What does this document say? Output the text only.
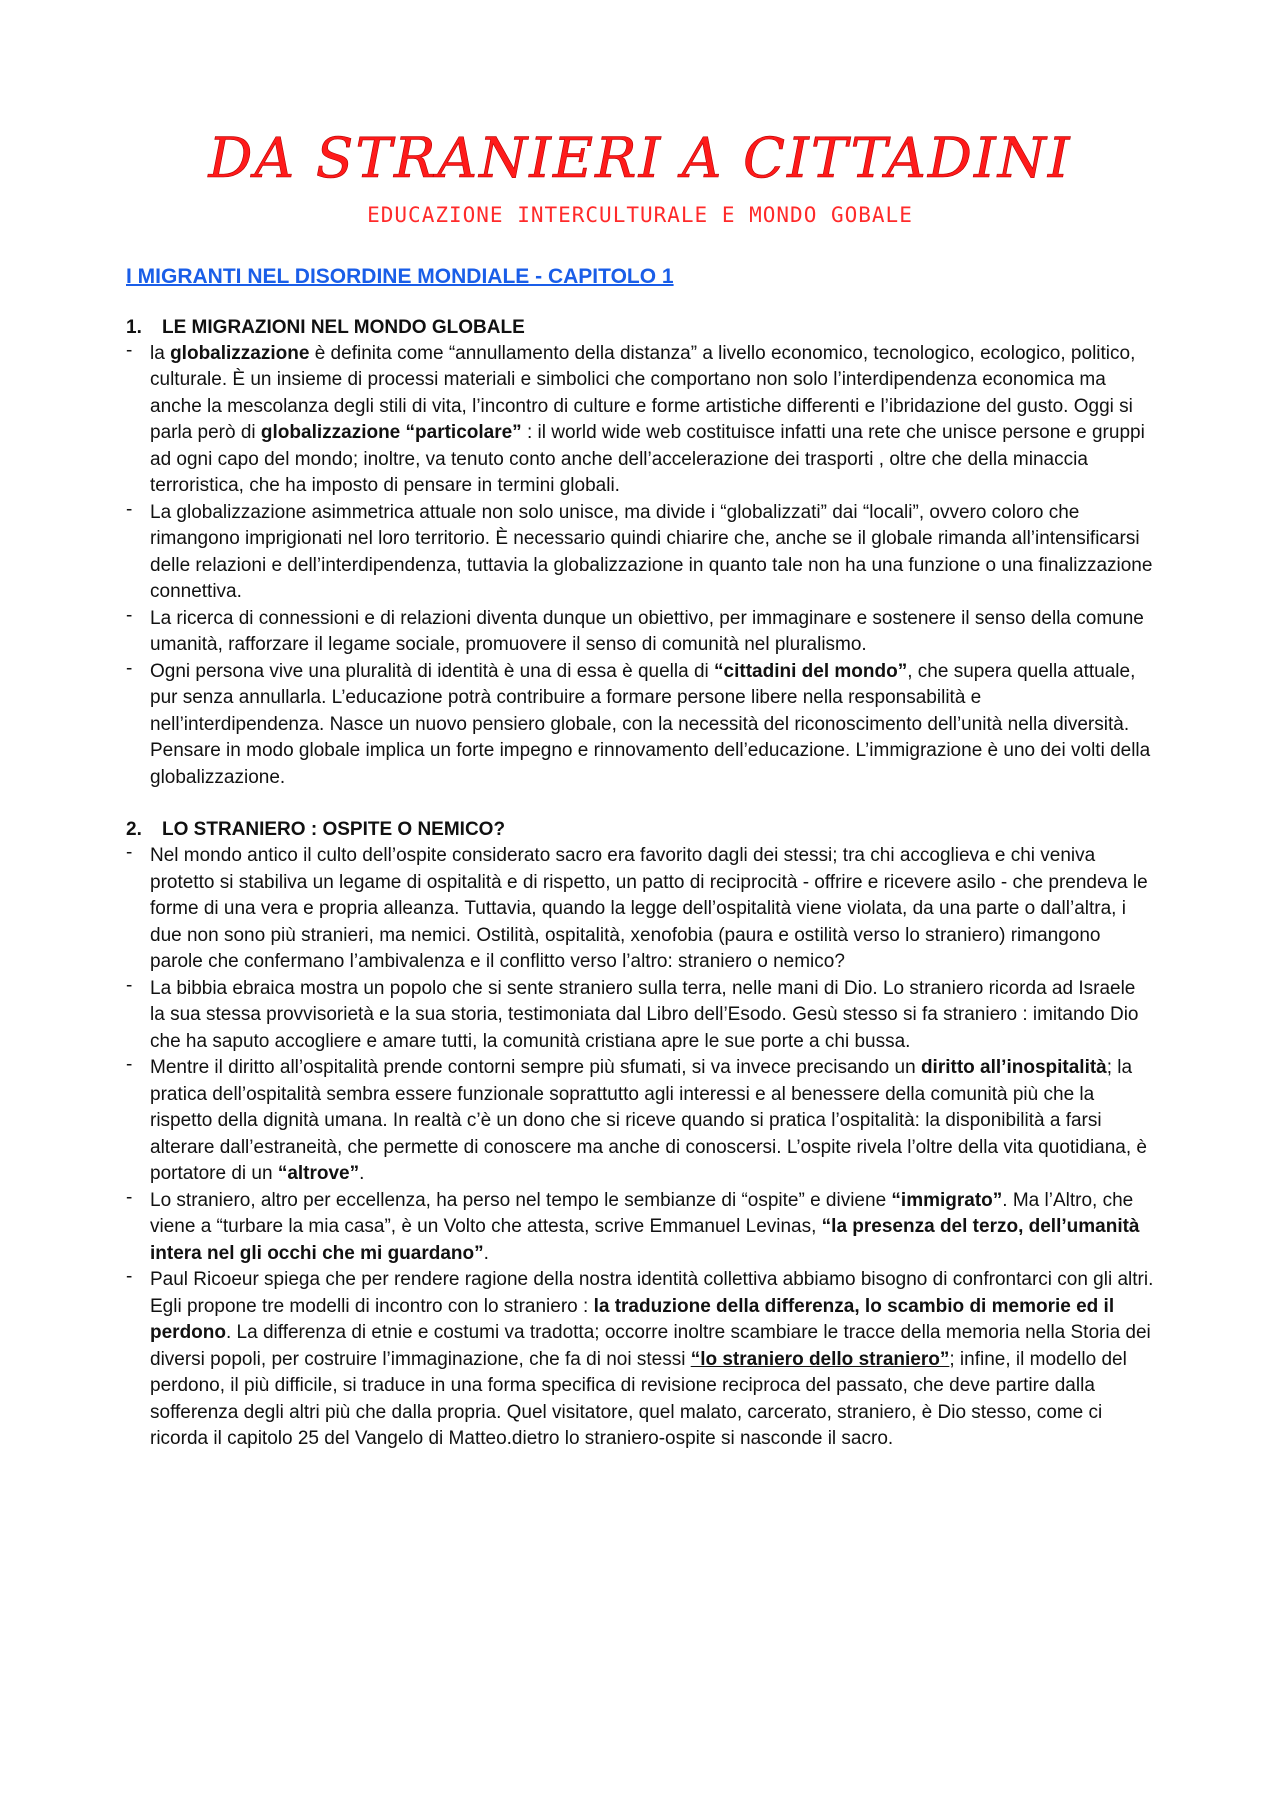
DA STRANIERI A CITTADINI
EDUCAZIONE INTERCULTURALE E MONDO GOBALE
I MIGRANTI NEL DISORDINE MONDIALE - CAPITOLO 1
1. LE MIGRAZIONI NEL MONDO GLOBALE
- la globalizzazione è definita come “annullamento della distanza” a livello economico, tecnologico, ecologico, politico, culturale. È un insieme di processi materiali e simbolici che comportano non solo l’interdipendenza economica ma anche la mescolanza degli stili di vita, l’incontro di culture e forme artistiche differenti e l’ibridazione del gusto. Oggi si parla però di globalizzazione “particolare” : il world wide web costituisce infatti una rete che unisce persone e gruppi ad ogni capo del mondo; inoltre, va tenuto conto anche dell’accelerazione dei trasporti , oltre che della minaccia terroristica, che ha imposto di pensare in termini globali.
- La globalizzazione asimmetrica attuale non solo unisce, ma divide i “globalizzati” dai “locali”, ovvero coloro che rimangono imprigionati nel loro territorio. È necessario quindi chiarire che, anche se il globale rimanda all’intensificarsi delle relazioni e dell’interdipendenza, tuttavia la globalizzazione in quanto tale non ha una funzione o una finalizzazione connettiva.
- La ricerca di connessioni e di relazioni diventa dunque un obiettivo, per immaginare e sostenere il senso della comune umanità, rafforzare il legame sociale, promuovere il senso di comunità nel pluralismo.
- Ogni persona vive una pluralità di identità è una di essa è quella di “cittadini del mondo”, che supera quella attuale, pur senza annullarla. L’educazione potrà contribuire a formare persone libere nella responsabilità e nell’interdipendenza. Nasce un nuovo pensiero globale, con la necessità del riconoscimento dell’unità nella diversità. Pensare in modo globale implica un forte impegno e rinnovamento dell’educazione. L’immigrazione è uno dei volti della globalizzazione.
2. LO STRANIERO : OSPITE O NEMICO?
- Nel mondo antico il culto dell’ospite considerato sacro era favorito dagli dei stessi; tra chi accoglieva e chi veniva protetto si stabiliva un legame di ospitalità e di rispetto, un patto di reciprocità - offrire e ricevere asilo - che prendeva le forme di una vera e propria alleanza. Tuttavia, quando la legge dell’ospitalità viene violata, da una parte o dall’altra, i due non sono più stranieri, ma nemici. Ostilità, ospitalità, xenofobia (paura e ostilità verso lo straniero) rimangono parole che confermano l’ambivalenza e il conflitto verso l’altro: straniero o nemico?
- La bibbia ebraica mostra un popolo che si sente straniero sulla terra, nelle mani di Dio. Lo straniero ricorda ad Israele la sua stessa provvisorietà e la sua storia, testimoniata dal Libro dell’Esodo. Gesù stesso si fa straniero : imitando Dio che ha saputo accogliere e amare tutti, la comunità cristiana apre le sue porte a chi bussa.
- Mentre il diritto all’ospitalità prende contorni sempre più sfumati, si va invece precisando un diritto all’inospitalità; la pratica dell’ospitalità sembra essere funzionale soprattutto agli interessi e al benessere della comunità più che la rispetto della dignità umana. In realtà c’è un dono che si riceve quando si pratica l’ospitalità: la disponibilità a farsi alterare dall’estraneità, che permette di conoscere ma anche di conoscersi. L’ospite rivela l’oltre della vita quotidiana, è portatore di un “altrove”.
- Lo straniero, altro per eccellenza, ha perso nel tempo le sembianze di “ospite” e diviene “immigrato”. Ma l’Altro, che viene a “turbare la mia casa”, è un Volto che attesta, scrive Emmanuel Levinas, “la presenza del terzo, dell’umanità intera nel gli occhi che mi guardano”.
- Paul Ricoeur spiega che per rendere ragione della nostra identità collettiva abbiamo bisogno di confrontarci con gli altri. Egli propone tre modelli di incontro con lo straniero : la traduzione della differenza, lo scambio di memorie ed il perdono. La differenza di etnie e costumi va tradotta; occorre inoltre scambiare le tracce della memoria nella Storia dei diversi popoli, per costruire l’immaginazione, che fa di noi stessi “lo straniero dello straniero”; infine, il modello del perdono, il più difficile, si traduce in una forma specifica di revisione reciproca del passato, che deve partire dalla sofferenza degli altri più che dalla propria. Quel visitatore, quel malato, carcerato, straniero, è Dio stesso, come ci ricorda il capitolo 25 del Vangelo di Matteo.dietro lo straniero-ospite si nasconde il sacro.
